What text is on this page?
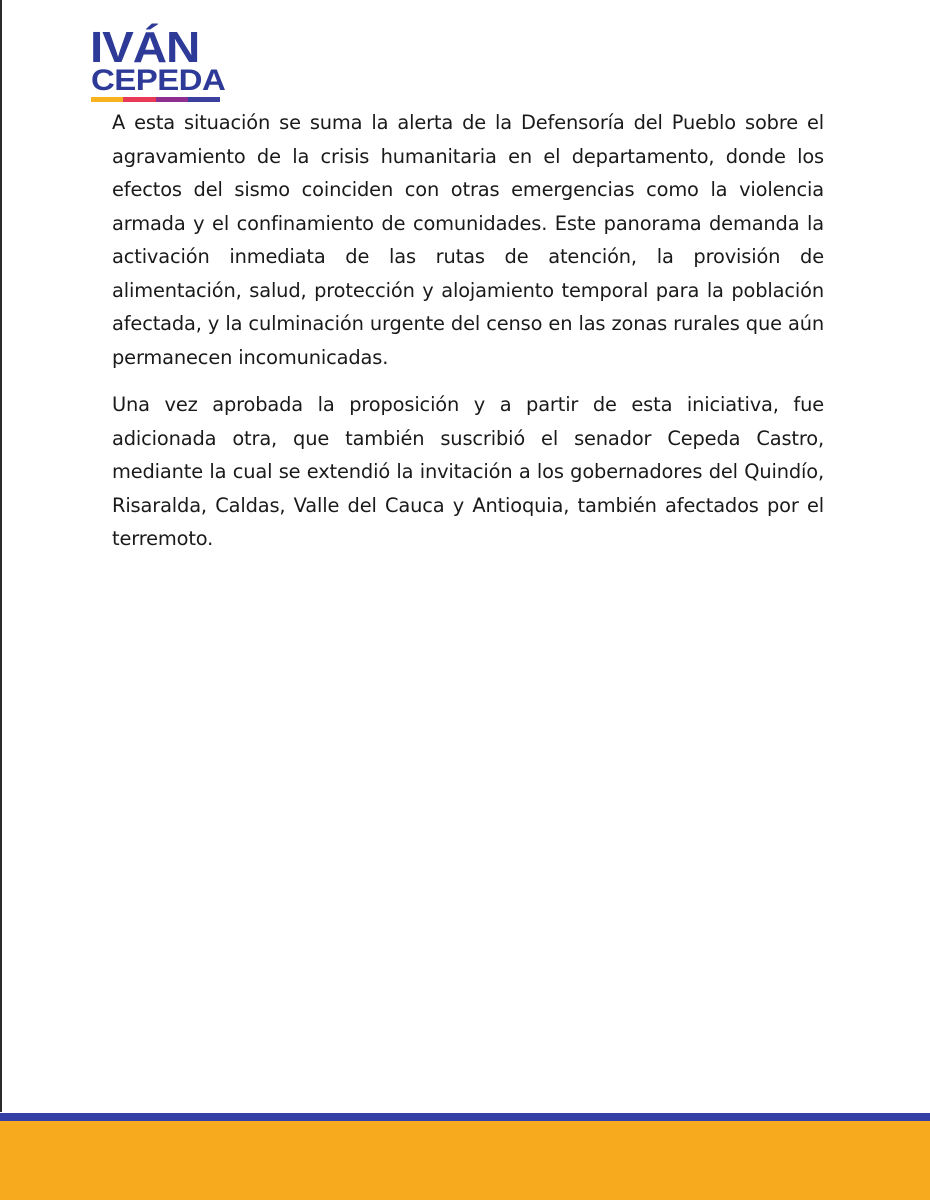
IVÁN
CEPEDA

A esta situación se suma la alerta de la Defensoría del Pueblo sobre el agravamiento de la crisis humanitaria en el departamento, donde los efectos del sismo coinciden con otras emergencias como la violencia armada y el confinamiento de comunidades. Este panorama demanda la activación inmediata de las rutas de atención, la provisión de alimentación, salud, protección y alojamiento temporal para la población afectada, y la culminación urgente del censo en las zonas rurales que aún permanecen incomunicadas.

Una vez aprobada la proposición y a partir de esta iniciativa, fue adicionada otra, que también suscribió el senador Cepeda Castro, mediante la cual se extendió la invitación a los gobernadores del Quindío, Risaralda, Caldas, Valle del Cauca y Antioquia, también afectados por el terremoto.
